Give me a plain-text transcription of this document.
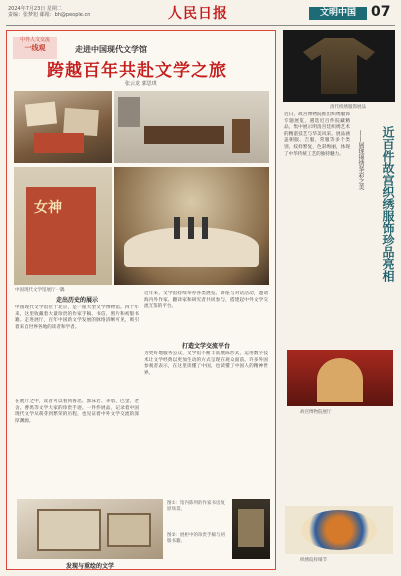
2024年7月23日 星期二
责编：张梦旭 邮箱：bh@people.cn	人民日报	文明中国	07
中外人文交流
一线观	走进中国现代文学馆
跨越百年共赴文学之旅
张云龙 郭思琪
女神
中国现代文学馆展厅一隅
走出历史的展示
中国现代文学馆位于北京，是一座大型文学博物馆。四十年来，这里收藏着大量珍贵的作家手稿、书信、照片和初版书籍。走进展厅，百年中国新文学发展的脉络清晰可见，吸引着来自世界各地的读者和学者。
在展厅之中，读者可以看到鲁迅、郭沫若、茅盾、巴金、老舍、曹禺等文学大家的珍贵手迹。一件件展品，记录着中国现代文学从萌芽到繁荣的历程，也见证着中外文学交流的深厚渊源。
近年来，文学馆持续举办各类展览、讲座与对话活动，邀请海内外作家、翻译家和研究者共同参与，搭建起中外文学交流互鉴的平台。
打造文学交流平台
为更好地服务公众，文学馆不断丰富展陈形式，运用数字技术让文学经典以更加生动的方式呈现在观众面前。许多外国参观者表示，在这里读懂了中国，也读懂了中国人的精神世界。
图①：馆内陈列的作家书房复原场景。
图②：展柜中的珍贵手稿与初版书籍。
发现与重绘的文学
清代织绣服饰展品
近日，故宫博物院推出织绣服饰专题展览，遴选近百件院藏精品，集中展示明清宫廷织绣艺术的精湛技艺与华美风采。展品涵盖朝服、吉服、常服等多个类别，纹样繁复，色彩绚丽，体现了中华传统工艺的独特魅力。	近百件故宫织绣服饰珍品亮相
——展现锦绣华彩之美
故宫博物院展厅
织绣纹样细节
